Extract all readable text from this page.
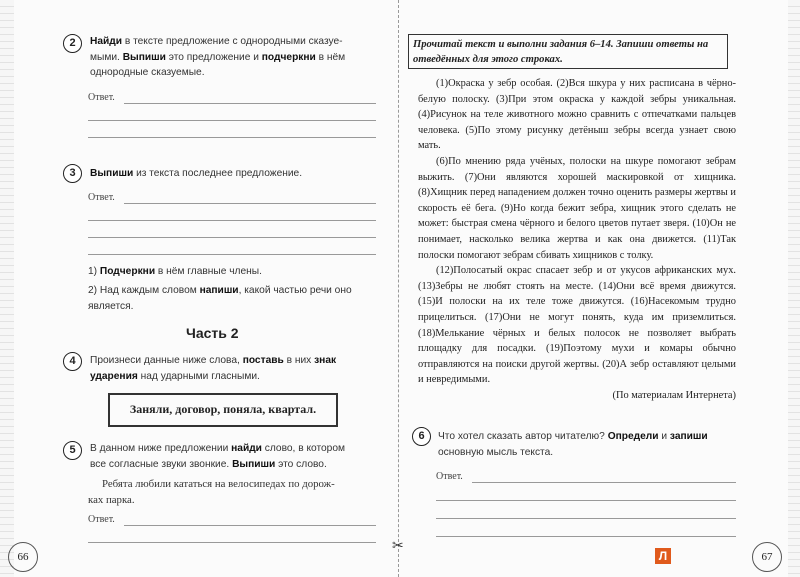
2	Найди в тексте предложение с однородными сказуе-
мыми. Выпиши это предложение и подчеркни в нём
однородные сказуемые.
Ответ.
3	Выпиши из текста последнее предложение.
Ответ.
1) Подчеркни в нём главные члены.
2) Над каждым словом напиши, какой частью речи оно
является.
Часть 2
4	Произнеси данные ниже слова, поставь в них знак
ударения над ударными гласными.
Заняли, договор, поняла, квартал.
5	В данном ниже предложении найди слово, в котором
все согласные звуки звонкие. Выпиши это слово.
Ребята любили кататься на велосипедах по дорож-
ках парка.
Ответ.
66
Прочитай текст и выполни задания 6–14. Запиши ответы на отведённых для этого строках.

(1)Окраска у зебр особая. (2)Вся шкура у них расписана в чёрно-белую полоску. (3)При этом окраска у каждой зебры уникальная. (4)Рисунок на теле животного можно сравнить с отпечатками пальцев человека. (5)По этому рисунку детёныш зебры всегда узнает свою мать.

(6)По мнению ряда учёных, полоски на шкуре помогают зебрам выжить. (7)Они являются хорошей маскировкой от хищника. (8)Хищник перед нападением должен точно оценить размеры жертвы и скорость её бега. (9)Но когда бежит зебра, хищник этого сделать не может: быстрая смена чёрного и белого цветов путает зверя. (10)Он не понимает, насколько велика жертва и как она движется. (11)Так полоски помогают зебрам сбивать хищников с толку.

(12)Полосатый окрас спасает зебр и от укусов африканских мух. (13)Зебры не любят стоять на месте. (14)Они всё время движутся. (15)И полоски на их теле тоже движутся. (16)Насекомым трудно прицелиться. (17)Они не могут понять, куда им приземлиться. (18)Мелькание чёрных и белых полосок не позволяет выбрать площадку для посадки. (19)Поэтому мухи и комары обычно отправляются на поиски другой жертвы. (20)А зебр оставляют целыми и невредимыми.

(По материалам Интернета)
6	Что хотел сказать автор читателю? Определи и запиши
основную мысль текста.
Ответ.
✂
Л	67
